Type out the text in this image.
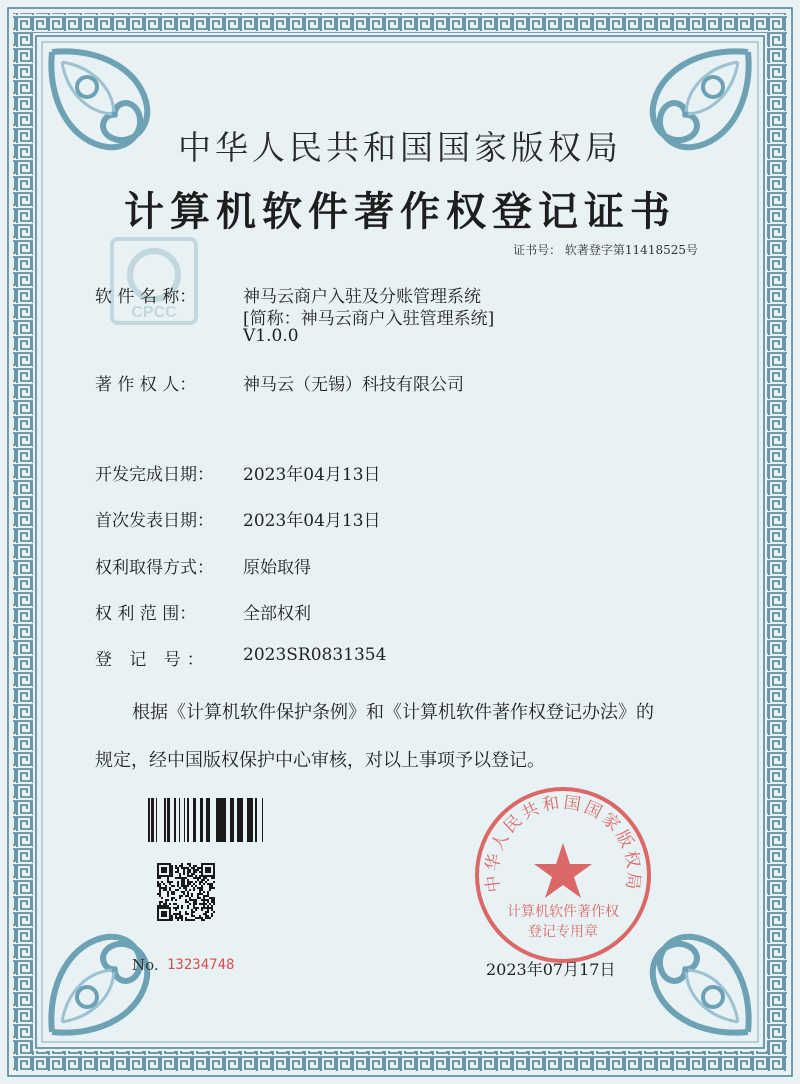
CPCC
中华人民共和国国家版权局
计算机软件著作权登记证书
证书号： 软著登字第11418525号
软 件 名 称：	神马云商户入驻及分账管理系统
[简称：神马云商户入驻管理系统]
V1.0.0
著 作 权 人：	神马云（无锡）科技有限公司
开发完成日期： 2023年04月13日
首次发表日期： 2023年04月13日
权利取得方式： 原始取得
权 利 范 围：	全部权利
登 记 号： 2023SR0831354
根据《计算机软件保护条例》和《计算机软件著作权登记办法》的
规定，经中国版权保护中心审核，对以上事项予以登记。
No. 13234748	2023年07月17日
中华人民共和国国家版权局
计算机软件著作权
登记专用章
